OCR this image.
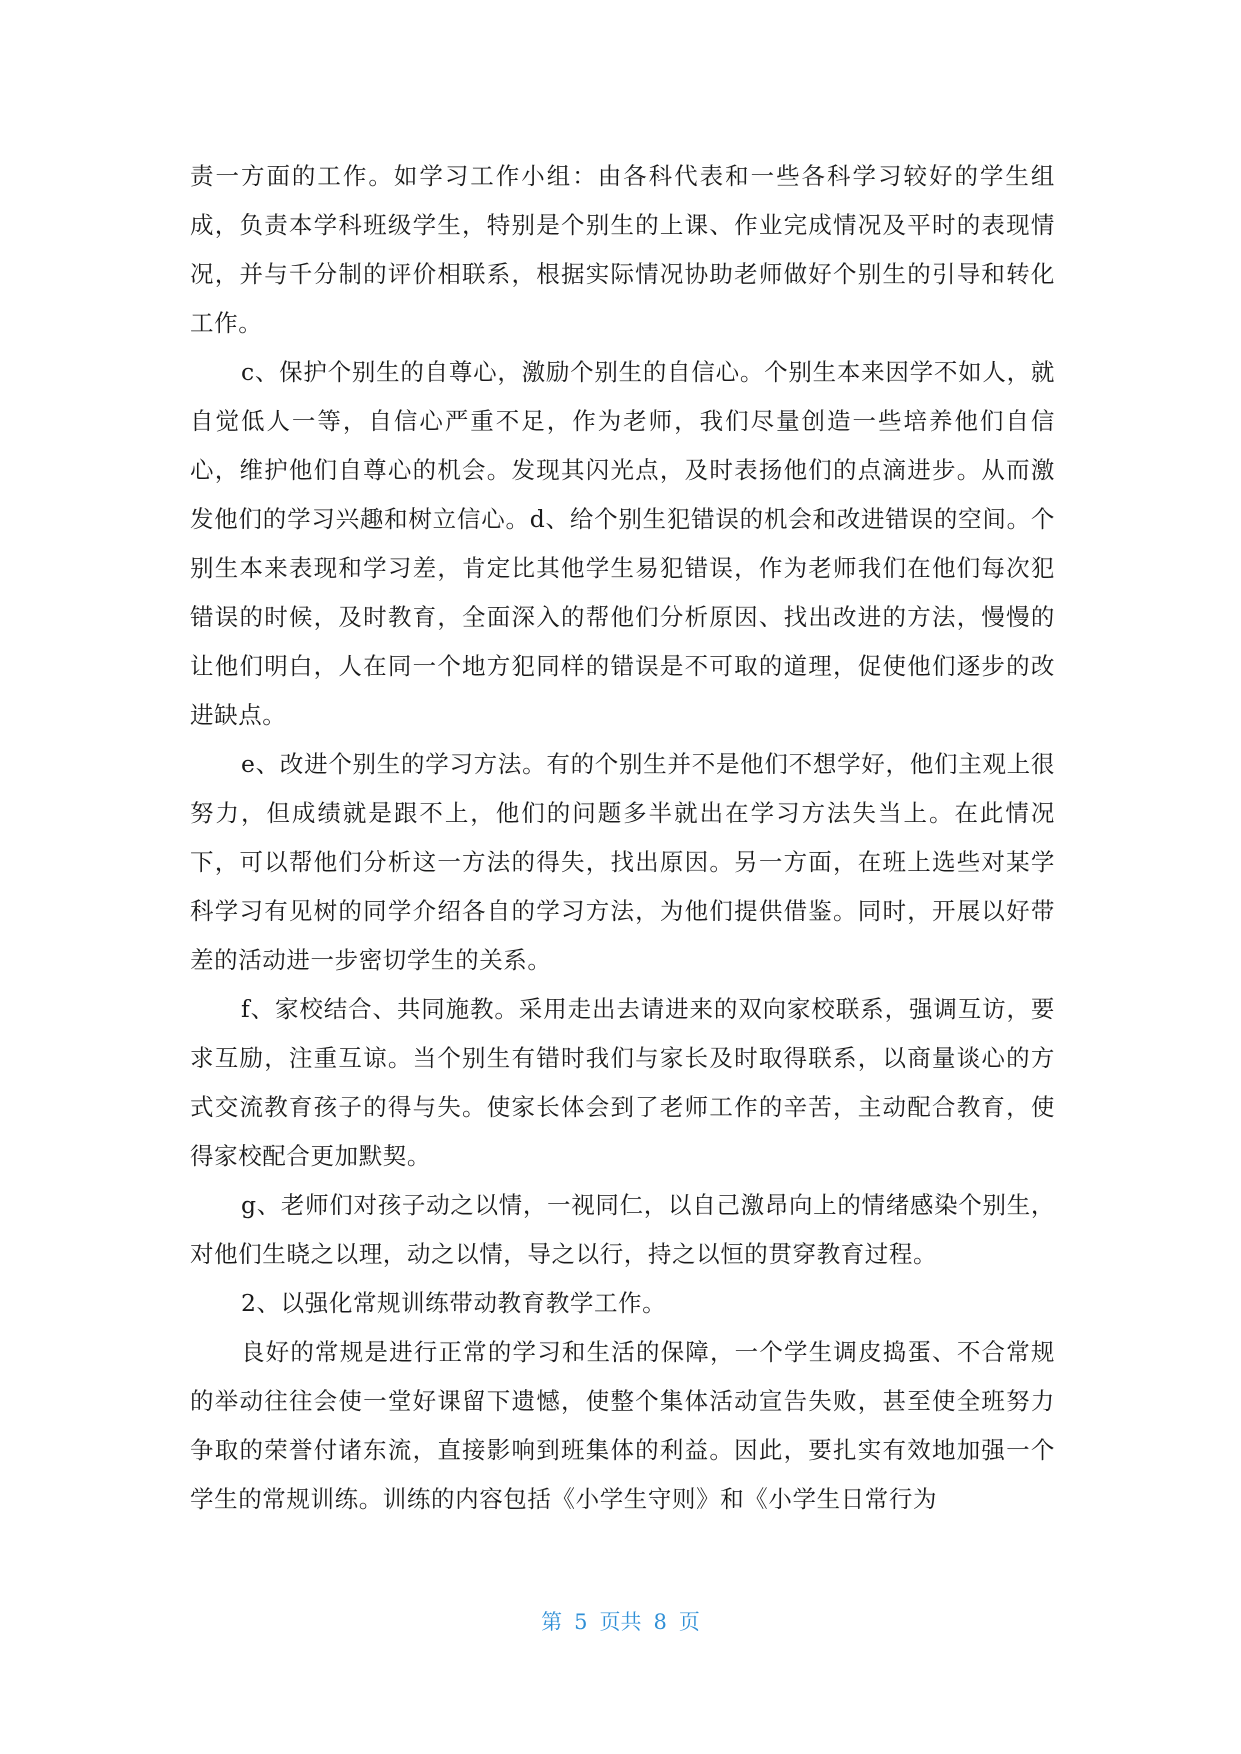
责一方面的工作。如学习工作小组：由各科代表和一些各科学习较好的学生组成，负责本学科班级学生，特别是个别生的上课、作业完成情况及平时的表现情况，并与千分制的评价相联系，根据实际情况协助老师做好个别生的引导和转化工作。

c、保护个别生的自尊心，激励个别生的自信心。个别生本来因学不如人，就自觉低人一等，自信心严重不足，作为老师，我们尽量创造一些培养他们自信心，维护他们自尊心的机会。发现其闪光点，及时表扬他们的点滴进步。从而激发他们的学习兴趣和树立信心。d、给个别生犯错误的机会和改进错误的空间。个别生本来表现和学习差，肯定比其他学生易犯错误，作为老师我们在他们每次犯错误的时候，及时教育，全面深入的帮他们分析原因、找出改进的方法，慢慢的让他们明白，人在同一个地方犯同样的错误是不可取的道理，促使他们逐步的改进缺点。

e、改进个别生的学习方法。有的个别生并不是他们不想学好，他们主观上很努力，但成绩就是跟不上，他们的问题多半就出在学习方法失当上。在此情况下，可以帮他们分析这一方法的得失，找出原因。另一方面，在班上选些对某学科学习有见树的同学介绍各自的学习方法，为他们提供借鉴。同时，开展以好带差的活动进一步密切学生的关系。

f、家校结合、共同施教。采用走出去请进来的双向家校联系，强调互访，要求互励，注重互谅。当个别生有错时我们与家长及时取得联系，以商量谈心的方式交流教育孩子的得与失。使家长体会到了老师工作的辛苦，主动配合教育，使得家校配合更加默契。

g、老师们对孩子动之以情，一视同仁，以自己激昂向上的情绪感染个别生，对他们生晓之以理，动之以情，导之以行，持之以恒的贯穿教育过程。

2、以强化常规训练带动教育教学工作。

良好的常规是进行正常的学习和生活的保障，一个学生调皮捣蛋、不合常规的举动往往会使一堂好课留下遗憾，使整个集体活动宣告失败，甚至使全班努力争取的荣誉付诸东流，直接影响到班集体的利益。因此，要扎实有效地加强一个学生的常规训练。训练的内容包括《小学生守则》和《小学生日常行为

第 5 页共 8 页
